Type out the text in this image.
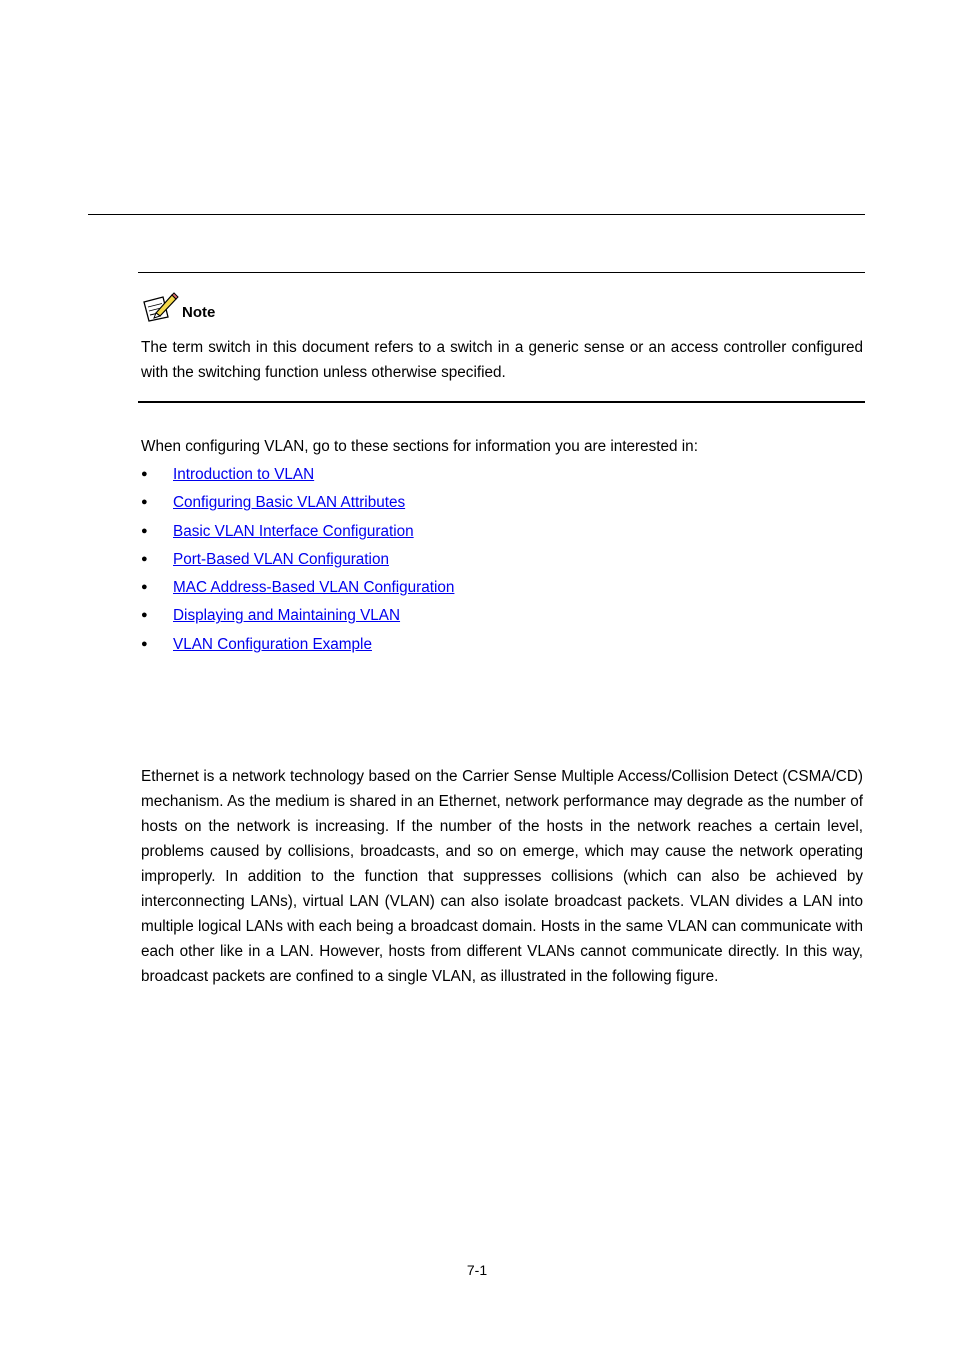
Note

The term switch in this document refers to a switch in a generic sense or an access controller configured with the switching function unless otherwise specified.

When configuring VLAN, go to these sections for information you are interested in:

● Introduction to VLAN
● Configuring Basic VLAN Attributes
● Basic VLAN Interface Configuration
● Port-Based VLAN Configuration
● MAC Address-Based VLAN Configuration
● Displaying and Maintaining VLAN
● VLAN Configuration Example

Ethernet is a network technology based on the Carrier Sense Multiple Access/Collision Detect (CSMA/CD) mechanism. As the medium is shared in an Ethernet, network performance may degrade as the number of hosts on the network is increasing. If the number of the hosts in the network reaches a certain level, problems caused by collisions, broadcasts, and so on emerge, which may cause the network operating improperly. In addition to the function that suppresses collisions (which can also be achieved by interconnecting LANs), virtual LAN (VLAN) can also isolate broadcast packets. VLAN divides a LAN into multiple logical LANs with each being a broadcast domain. Hosts in the same VLAN can communicate with each other like in a LAN. However, hosts from different VLANs cannot communicate directly. In this way, broadcast packets are confined to a single VLAN, as illustrated in the following figure.

7-1
